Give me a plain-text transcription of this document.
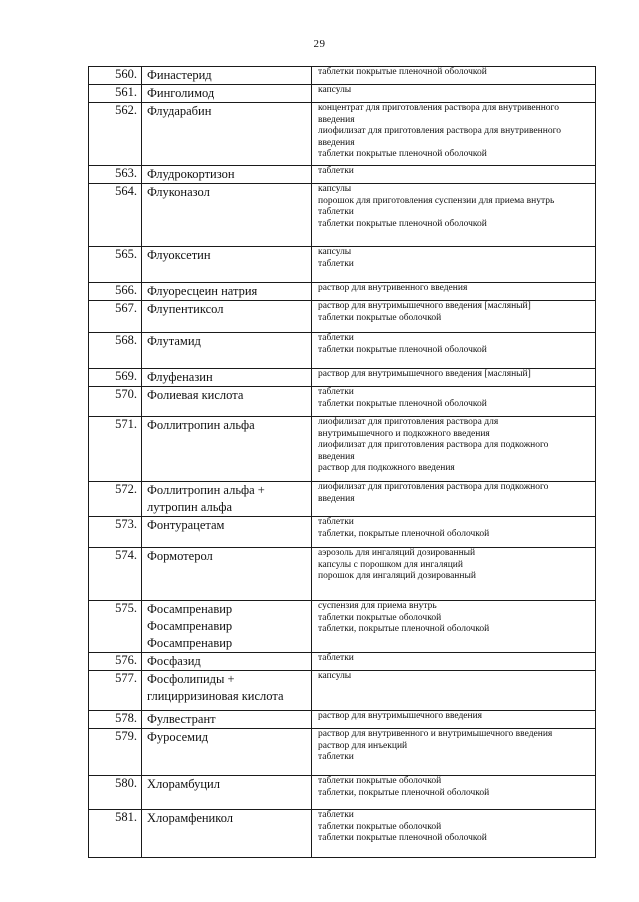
29
560.	Финастерид	таблетки покрытые пленочной оболочкой

561.	Финголимод	капсулы

562.	Флударабин	концентрат для приготовления раствора для внутривенного
введения
лиофилизат для приготовления раствора для внутривенного
введения
таблетки покрытые пленочной оболочкой

563.	Флудрокортизон	таблетки

564.	Флуконазол	капсулы
порошок для приготовления суспензии для приема внутрь
таблетки
таблетки покрытые пленочной оболочкой

565.	Флуоксетин	капсулы
таблетки

566.	Флуоресцеин натрия	раствор для внутривенного введения

567.	Флупентиксол	раствор для внутримышечного введения [масляный]
таблетки покрытые оболочкой

568.	Флутамид	таблетки
таблетки покрытые пленочной оболочкой

569.	Флуфеназин	раствор для внутримышечного введения [масляный]

570.	Фолиевая кислота	таблетки
таблетки покрытые пленочной оболочкой

571.	Фоллитропин альфа	лиофилизат для приготовления раствора для
внутримышечного и подкожного введения
лиофилизат для приготовления раствора для подкожного
введения
раствор для подкожного введения

572.	Фоллитропин альфа +
лутропин альфа	лиофилизат для приготовления раствора для подкожного
введения

573.	Фонтурацетам	таблетки
таблетки, покрытые пленочной оболочкой

574.	Формотерол	аэрозоль для ингаляций дозированный
капсулы с порошком для ингаляций
порошок для ингаляций дозированный

575.	Фосампренавир
Фосампренавир
Фосампренавир	суспензия для приема внутрь
таблетки покрытые оболочкой
таблетки, покрытые пленочной оболочкой

576.	Фосфазид	таблетки

577.	Фосфолипиды +
глицирризиновая кислота	капсулы

578.	Фулвестрант	раствор для внутримышечного введения

579.	Фуросемид	раствор для внутривенного и внутримышечного введения
раствор для инъекций
таблетки

580.	Хлорамбуцил	таблетки покрытые оболочкой
таблетки, покрытые пленочной оболочкой

581.	Хлорамфеникол	таблетки
таблетки покрытые оболочкой
таблетки покрытые пленочной оболочкой
